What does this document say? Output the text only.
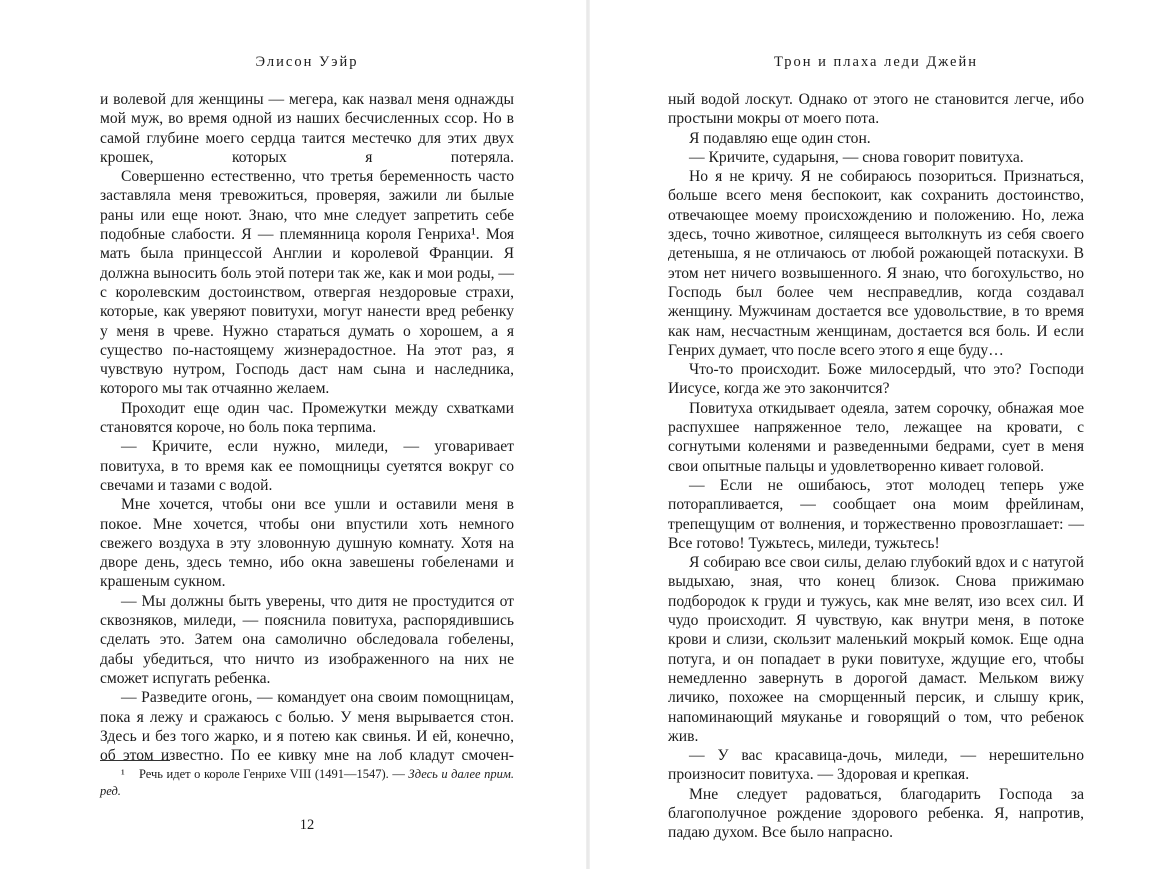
Элисон Уэйр

и волевой для женщины — мегера, как назвал меня однажды мой муж, во время одной из наших бесчисленных ссор. Но в самой глубине моего сердца таится местечко для этих двух крошек, которых я потеряла.

Совершенно естественно, что третья беременность часто заставляла меня тревожиться, проверяя, зажили ли былые раны или еще ноют. Знаю, что мне следует запретить себе подобные слабости. Я — племянница короля Генриха¹. Моя мать была принцессой Англии и королевой Франции. Я должна выносить боль этой потери так же, как и мои роды, — с королевским достоинством, отвергая нездоровые страхи, которые, как уверяют повитухи, могут нанести вред ребенку у меня в чреве. Нужно стараться думать о хорошем, а я существо по-настоящему жизнерадостное. На этот раз, я чувствую нутром, Господь даст нам сына и наследника, которого мы так отчаянно желаем.

Проходит еще один час. Промежутки между схватками становятся короче, но боль пока терпима.

— Кричите, если нужно, миледи, — уговаривает повитуха, в то время как ее помощницы суетятся вокруг со свечами и тазами с водой.

Мне хочется, чтобы они все ушли и оставили меня в покое. Мне хочется, чтобы они впустили хоть немного свежего воздуха в эту зловонную душную комнату. Хотя на дворе день, здесь темно, ибо окна завешены гобеленами и крашеным сукном.

— Мы должны быть уверены, что дитя не простудится от сквозняков, миледи, — пояснила повитуха, распорядившись сделать это. Затем она самолично обследовала гобелены, дабы убедиться, что ничто из изображенного на них не сможет испугать ребенка.

— Разведите огонь, — командует она своим помощницам, пока я лежу и сражаюсь с болью. У меня вырывается стон. Здесь и без того жарко, и я потею как свинья. И ей, конечно, об этом известно. По ее кивку мне на лоб кладут смочен-

¹ Речь идет о короле Генрихе VIII (1491—1547). — Здесь и далее прим. ред.

12
Трон и плаха леди Джейн

ный водой лоскут. Однако от этого не становится легче, ибо простыни мокры от моего пота.

Я подавляю еще один стон.

— Кричите, сударыня, — снова говорит повитуха.

Но я не кричу. Я не собираюсь позориться. Признаться, больше всего меня беспокоит, как сохранить достоинство, отвечающее моему происхождению и положению. Но, лежа здесь, точно животное, силящееся вытолкнуть из себя своего детеныша, я не отличаюсь от любой рожающей потаскухи. В этом нет ничего возвышенного. Я знаю, что богохульство, но Господь был более чем несправедлив, когда создавал женщину. Мужчинам достается все удовольствие, в то время как нам, несчастным женщинам, достается вся боль. И если Генрих думает, что после всего этого я еще буду…

Что-то происходит. Боже милосердый, что это? Господи Иисусе, когда же это закончится?

Повитуха откидывает одеяла, затем сорочку, обнажая мое распухшее напряженное тело, лежащее на кровати, с согнутыми коленями и разведенными бедрами, сует в меня свои опытные пальцы и удовлетворенно кивает головой.

— Если не ошибаюсь, этот молодец теперь уже поторапливается, — сообщает она моим фрейлинам, трепещущим от волнения, и торжественно провозглашает: — Все готово! Тужьтесь, миледи, тужьтесь!

Я собираю все свои силы, делаю глубокий вдох и с натугой выдыхаю, зная, что конец близок. Снова прижимаю подбородок к груди и тужусь, как мне велят, изо всех сил. И чудо происходит. Я чувствую, как внутри меня, в потоке крови и слизи, скользит маленький мокрый комок. Еще одна потуга, и он попадает в руки повитухе, ждущие его, чтобы немедленно завернуть в дорогой дамаст. Мельком вижу личико, похожее на сморщенный персик, и слышу крик, напоминающий мяуканье и говорящий о том, что ребенок жив.

— У вас красавица-дочь, миледи, — нерешительно произносит повитуха. — Здоровая и крепкая.

Мне следует радоваться, благодарить Господа за благополучное рождение здорового ребенка. Я, напротив, падаю духом. Все было напрасно.
